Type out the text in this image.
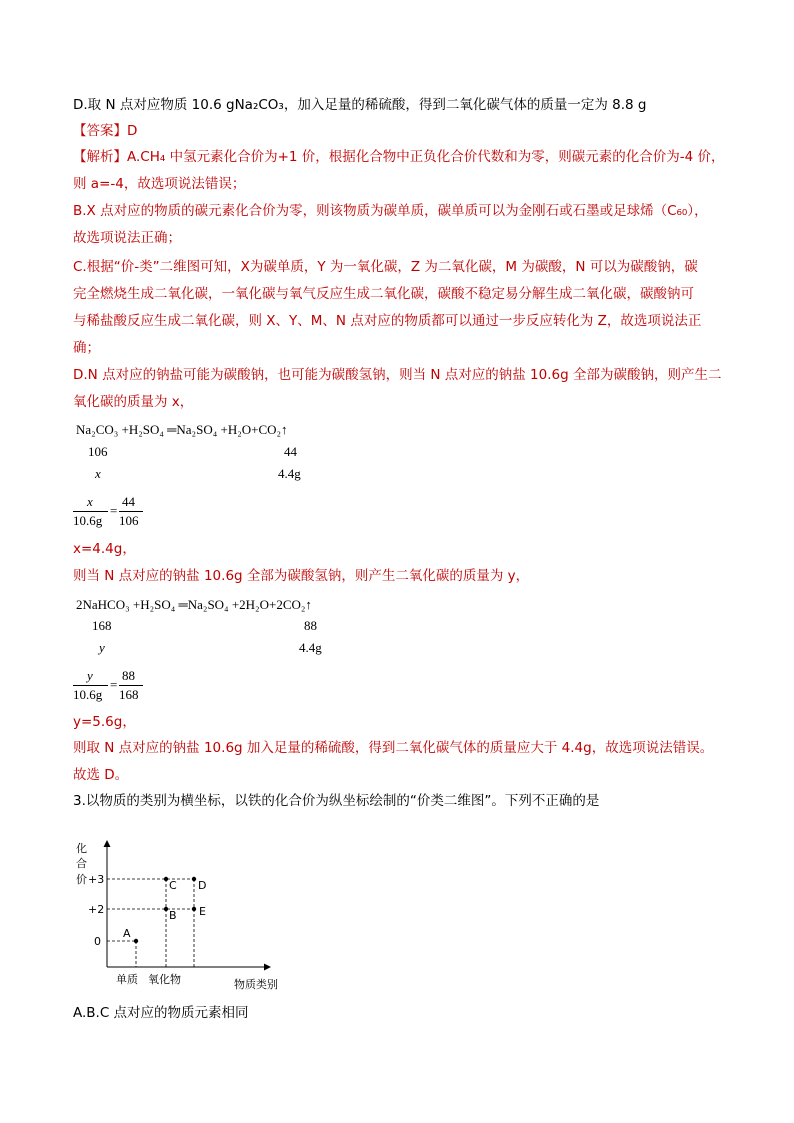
D.取 N 点对应物质 10.6 gNa₂CO₃，加入足量的稀硫酸，得到二氧化碳气体的质量一定为 8.8 g
【答案】D
【解析】A.CH₄ 中氢元素化合价为+1 价，根据化合物中正负化合价代数和为零，则碳元素的化合价为-4 价，
则 a=-4，故选项说法错误；
B.X 点对应的物质的碳元素化合价为零，则该物质为碳单质，碳单质可以为金刚石或石墨或足球烯（C₆₀），
故选项说法正确；
C.根据“价-类”二维图可知，X为碳单质，Y 为一氧化碳，Z 为二氧化碳，M 为碳酸，N 可以为碳酸钠，碳
完全燃烧生成二氧化碳，一氧化碳与氧气反应生成二氧化碳，碳酸不稳定易分解生成二氧化碳，碳酸钠可
与稀盐酸反应生成二氧化碳，则 X、Y、M、N 点对应的物质都可以通过一步反应转化为 Z，故选项说法正
确；
D.N 点对应的钠盐可能为碳酸钠，也可能为碳酸氢钠，则当 N 点对应的钠盐 10.6g 全部为碳酸钠，则产生二
氧化碳的质量为 x，
Na₂CO₃ +H₂SO₄ ═Na₂SO₄ +H₂O+CO₂↑
106	44
x	4.4g
x
10.6g
=
44
106
x=4.4g，
则当 N 点对应的钠盐 10.6g 全部为碳酸氢钠，则产生二氧化碳的质量为 y，
2NaHCO₃ +H₂SO₄ ═Na₂SO₄ +2H₂O+2CO₂↑
168	88
y	4.4g
y
10.6g
=
88
168
y=5.6g，
则取 N 点对应的钠盐 10.6g 加入足量的稀硫酸，得到二氧化碳气体的质量应大于 4.4g，故选项说法错误。
故选 D。
3.以物质的类别为横坐标，以铁的化合价为纵坐标绘制的“价类二维图”。下列不正确的是
化
合
价 +3
+2
0
A
B
C D
E
单质 氧化物	物质类别
A.B.C 点对应的物质元素相同
